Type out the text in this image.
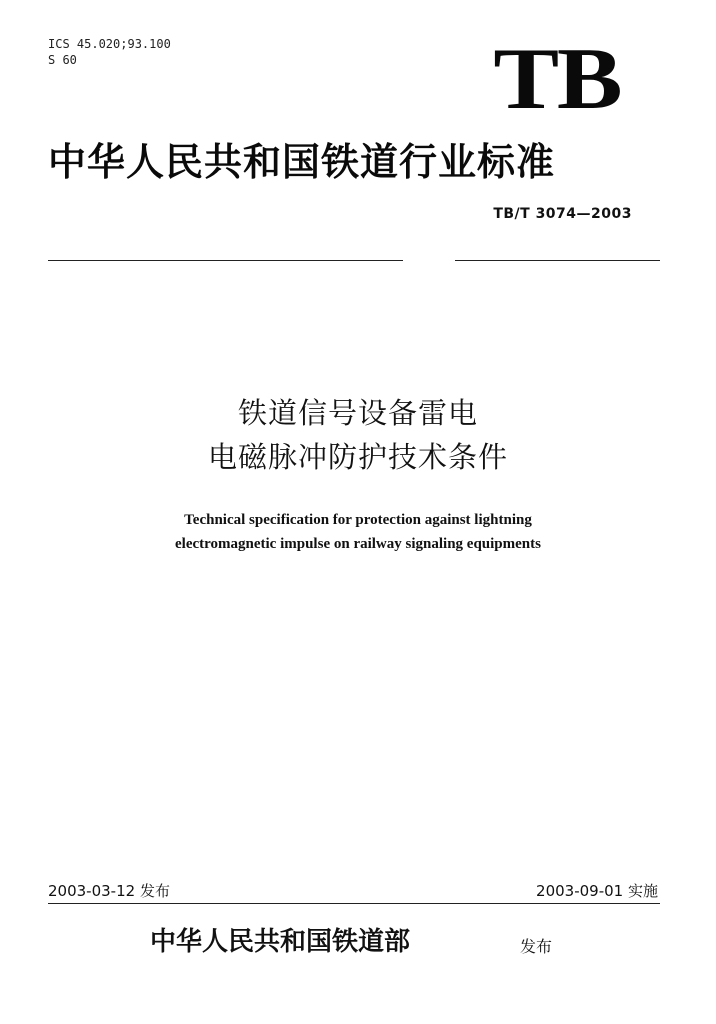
ICS 45.020;93.100
S 60	TB
中华人民共和国铁道行业标准
TB/T 3074—2003
铁道信号设备雷电
电磁脉冲防护技术条件
Technical specification for protection against lightning
electromagnetic impulse on railway signaling equipments
2003-03-12 发布	2003-09-01 实施
中华人民共和国铁道部	发布
